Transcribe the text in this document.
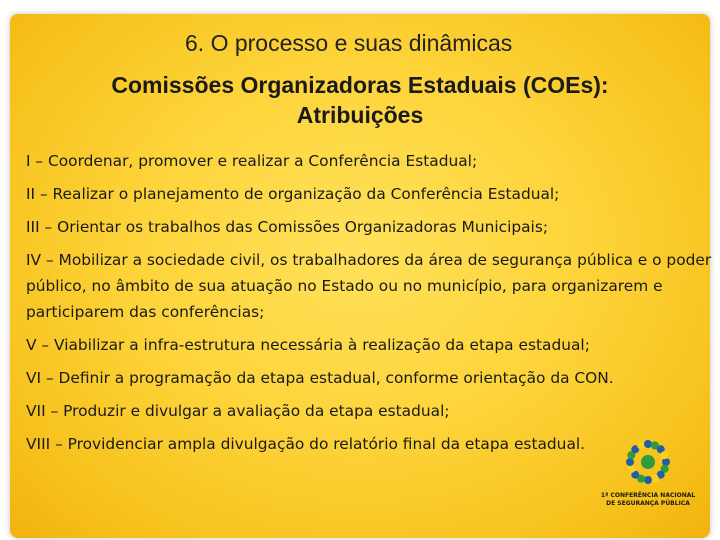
6. O processo e suas dinâmicas
Comissões Organizadoras Estaduais (COEs):
Atribuições
I – Coordenar, promover e realizar a Conferência Estadual;
II – Realizar o planejamento de organização da Conferência Estadual;
III – Orientar os trabalhos das Comissões Organizadoras Municipais;
IV – Mobilizar a sociedade civil, os trabalhadores da área de segurança pública e o poder público, no âmbito de sua atuação no Estado ou no município, para organizarem e participarem das conferências;
V – Viabilizar a infra-estrutura necessária à realização da etapa estadual;
VI – Definir a programação da etapa estadual, conforme orientação da CON.
VII – Produzir e divulgar a avaliação da etapa estadual;
VIII – Providenciar ampla divulgação do relatório final da etapa estadual.
1ª CONFERÊNCIA NACIONAL
DE SEGURANÇA PÚBLICA
